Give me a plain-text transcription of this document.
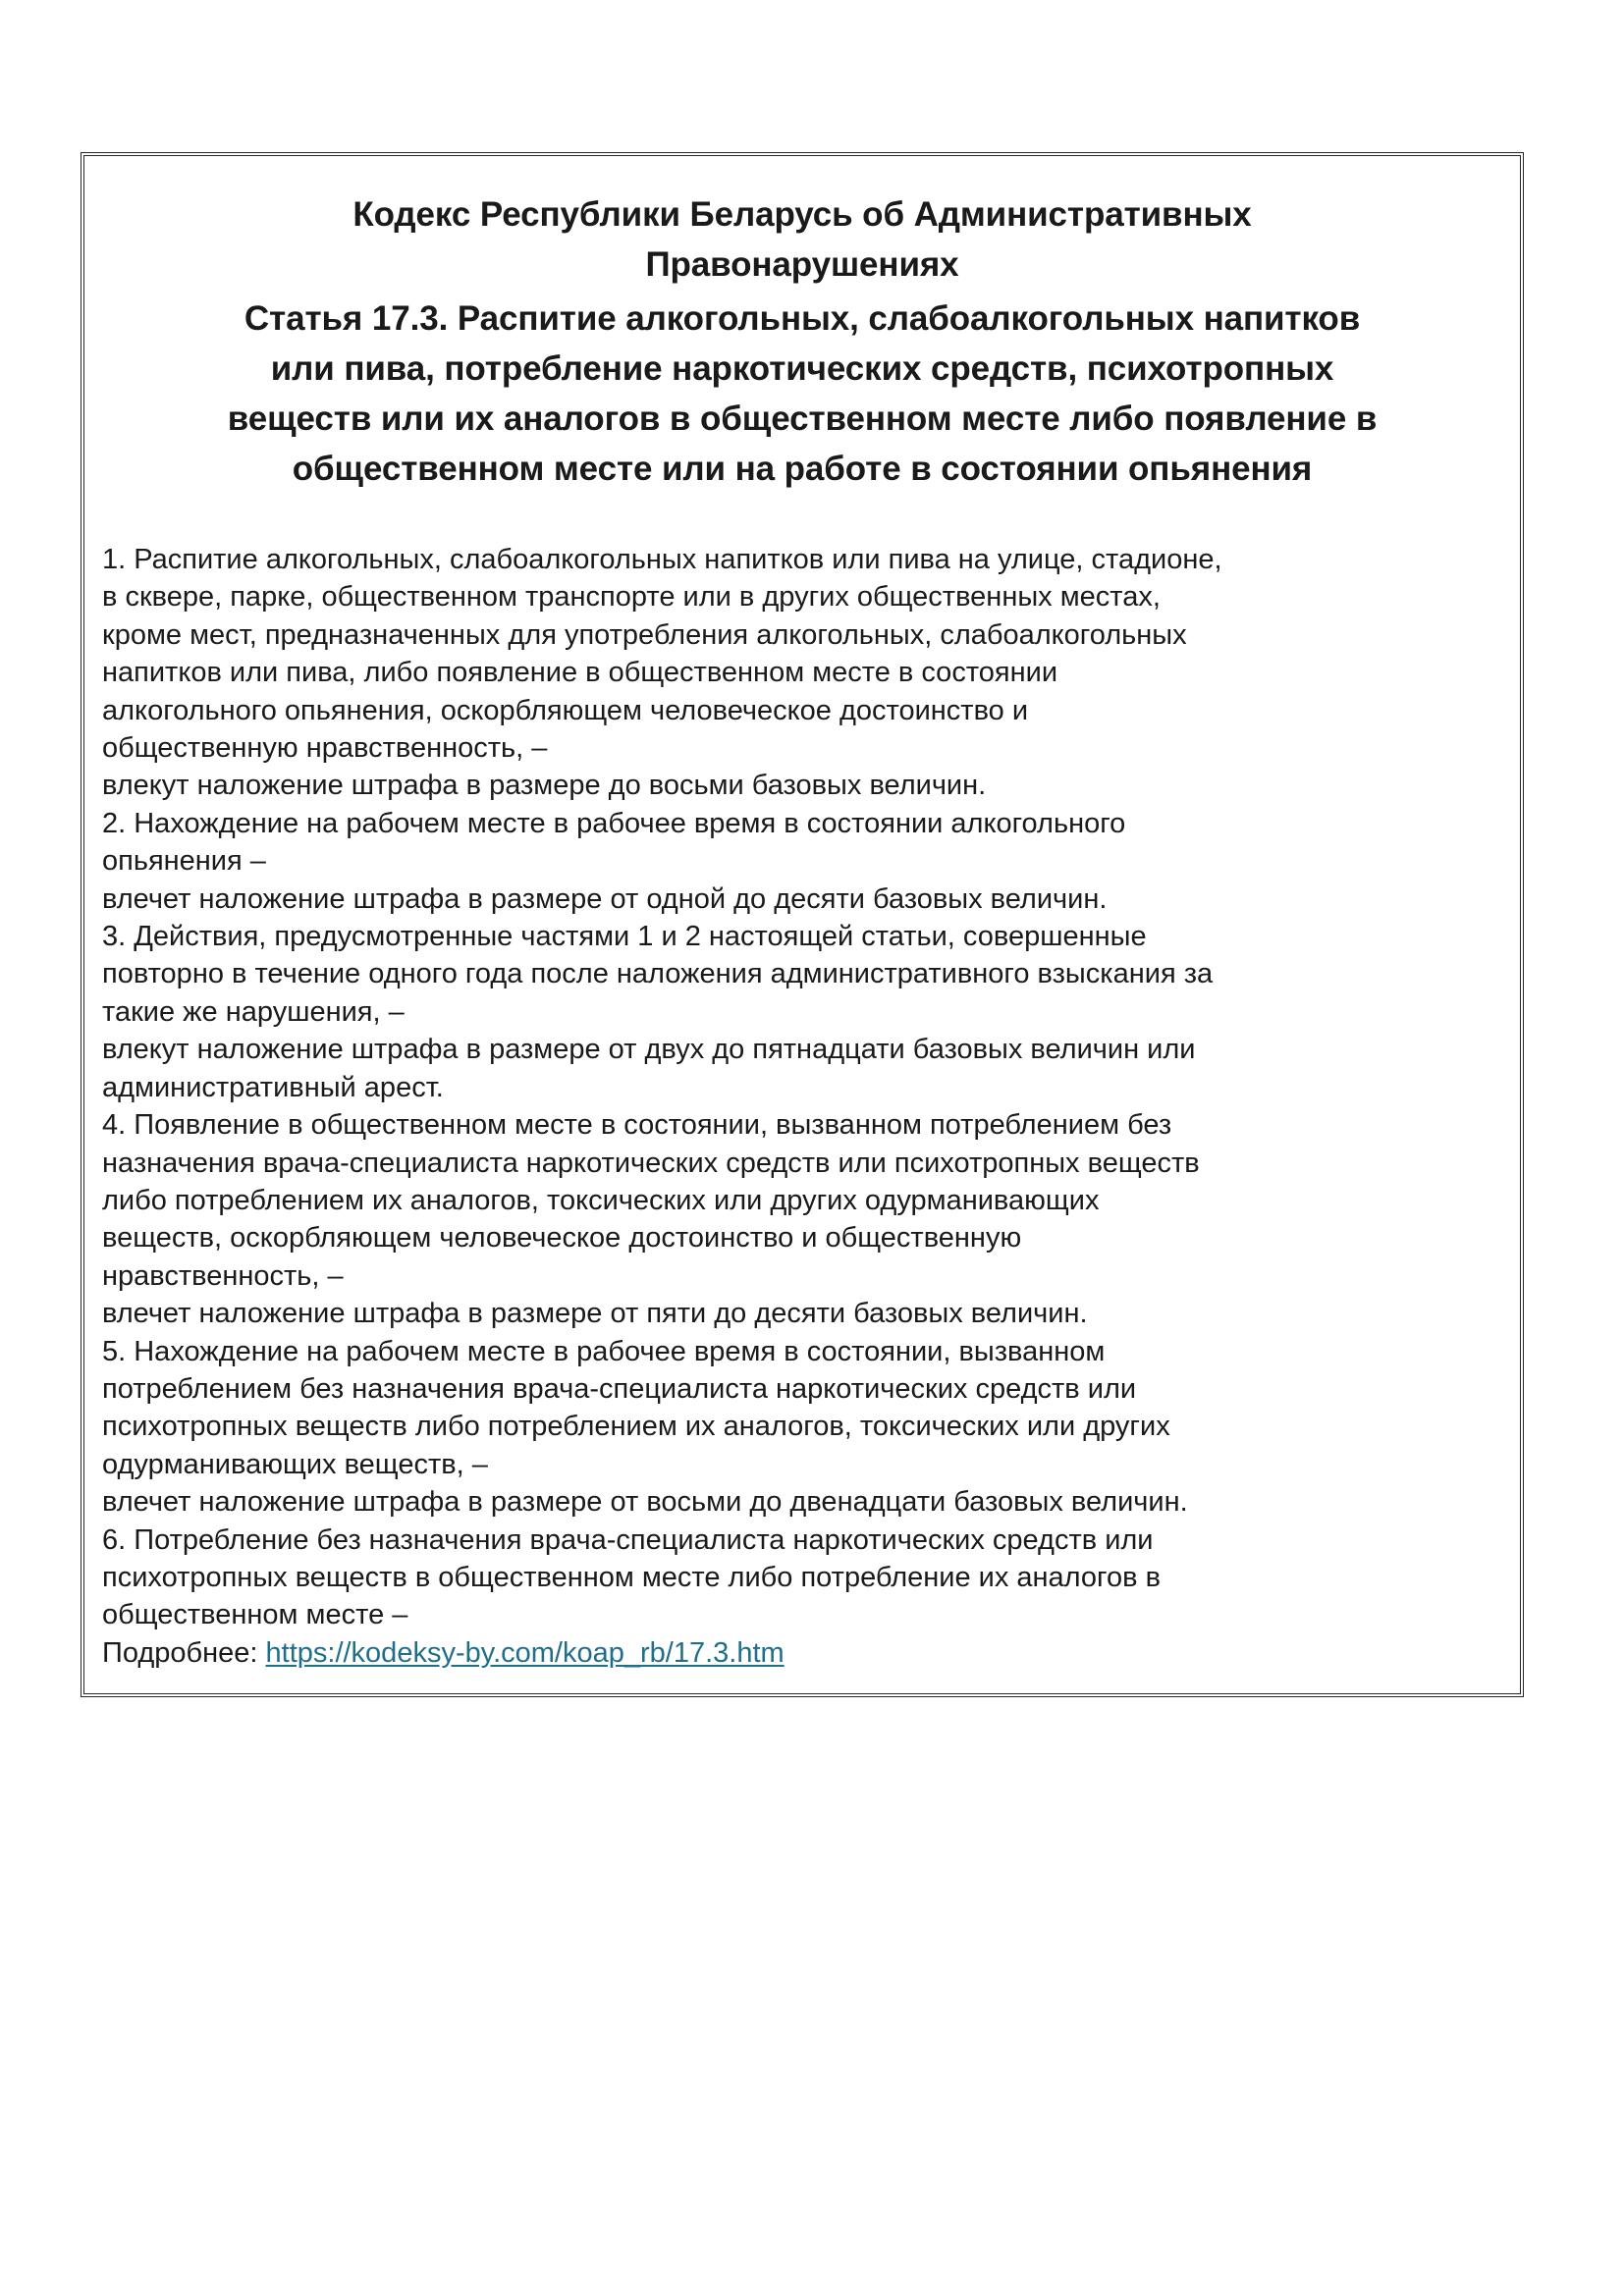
Кодекс Республики Беларусь об Административных
Правонарушениях
Статья 17.3. Распитие алкогольных, слабоалкогольных напитков
или пива, потребление наркотических средств, психотропных
веществ или их аналогов в общественном месте либо появление в
общественном месте или на работе в состоянии опьянения
1. Распитие алкогольных, слабоалкогольных напитков или пива на улице, стадионе,
в сквере, парке, общественном транспорте или в других общественных местах,
кроме мест, предназначенных для употребления алкогольных, слабоалкогольных
напитков или пива, либо появление в общественном месте в состоянии
алкогольного опьянения, оскорбляющем человеческое достоинство и
общественную нравственность, –
влекут наложение штрафа в размере до восьми базовых величин.
2. Нахождение на рабочем месте в рабочее время в состоянии алкогольного
опьянения –
влечет наложение штрафа в размере от одной до десяти базовых величин.
3. Действия, предусмотренные частями 1 и 2 настоящей статьи, совершенные
повторно в течение одного года после наложения административного взыскания за
такие же нарушения, –
влекут наложение штрафа в размере от двух до пятнадцати базовых величин или
административный арест.
4. Появление в общественном месте в состоянии, вызванном потреблением без
назначения врача-специалиста наркотических средств или психотропных веществ
либо потреблением их аналогов, токсических или других одурманивающих
веществ, оскорбляющем человеческое достоинство и общественную
нравственность, –
влечет наложение штрафа в размере от пяти до десяти базовых величин.
5. Нахождение на рабочем месте в рабочее время в состоянии, вызванном
потреблением без назначения врача-специалиста наркотических средств или
психотропных веществ либо потреблением их аналогов, токсических или других
одурманивающих веществ, –
влечет наложение штрафа в размере от восьми до двенадцати базовых величин.
6. Потребление без назначения врача-специалиста наркотических средств или
психотропных веществ в общественном месте либо потребление их аналогов в
общественном месте –
Подробнее: https://kodeksy-by.com/koap_rb/17.3.htm
